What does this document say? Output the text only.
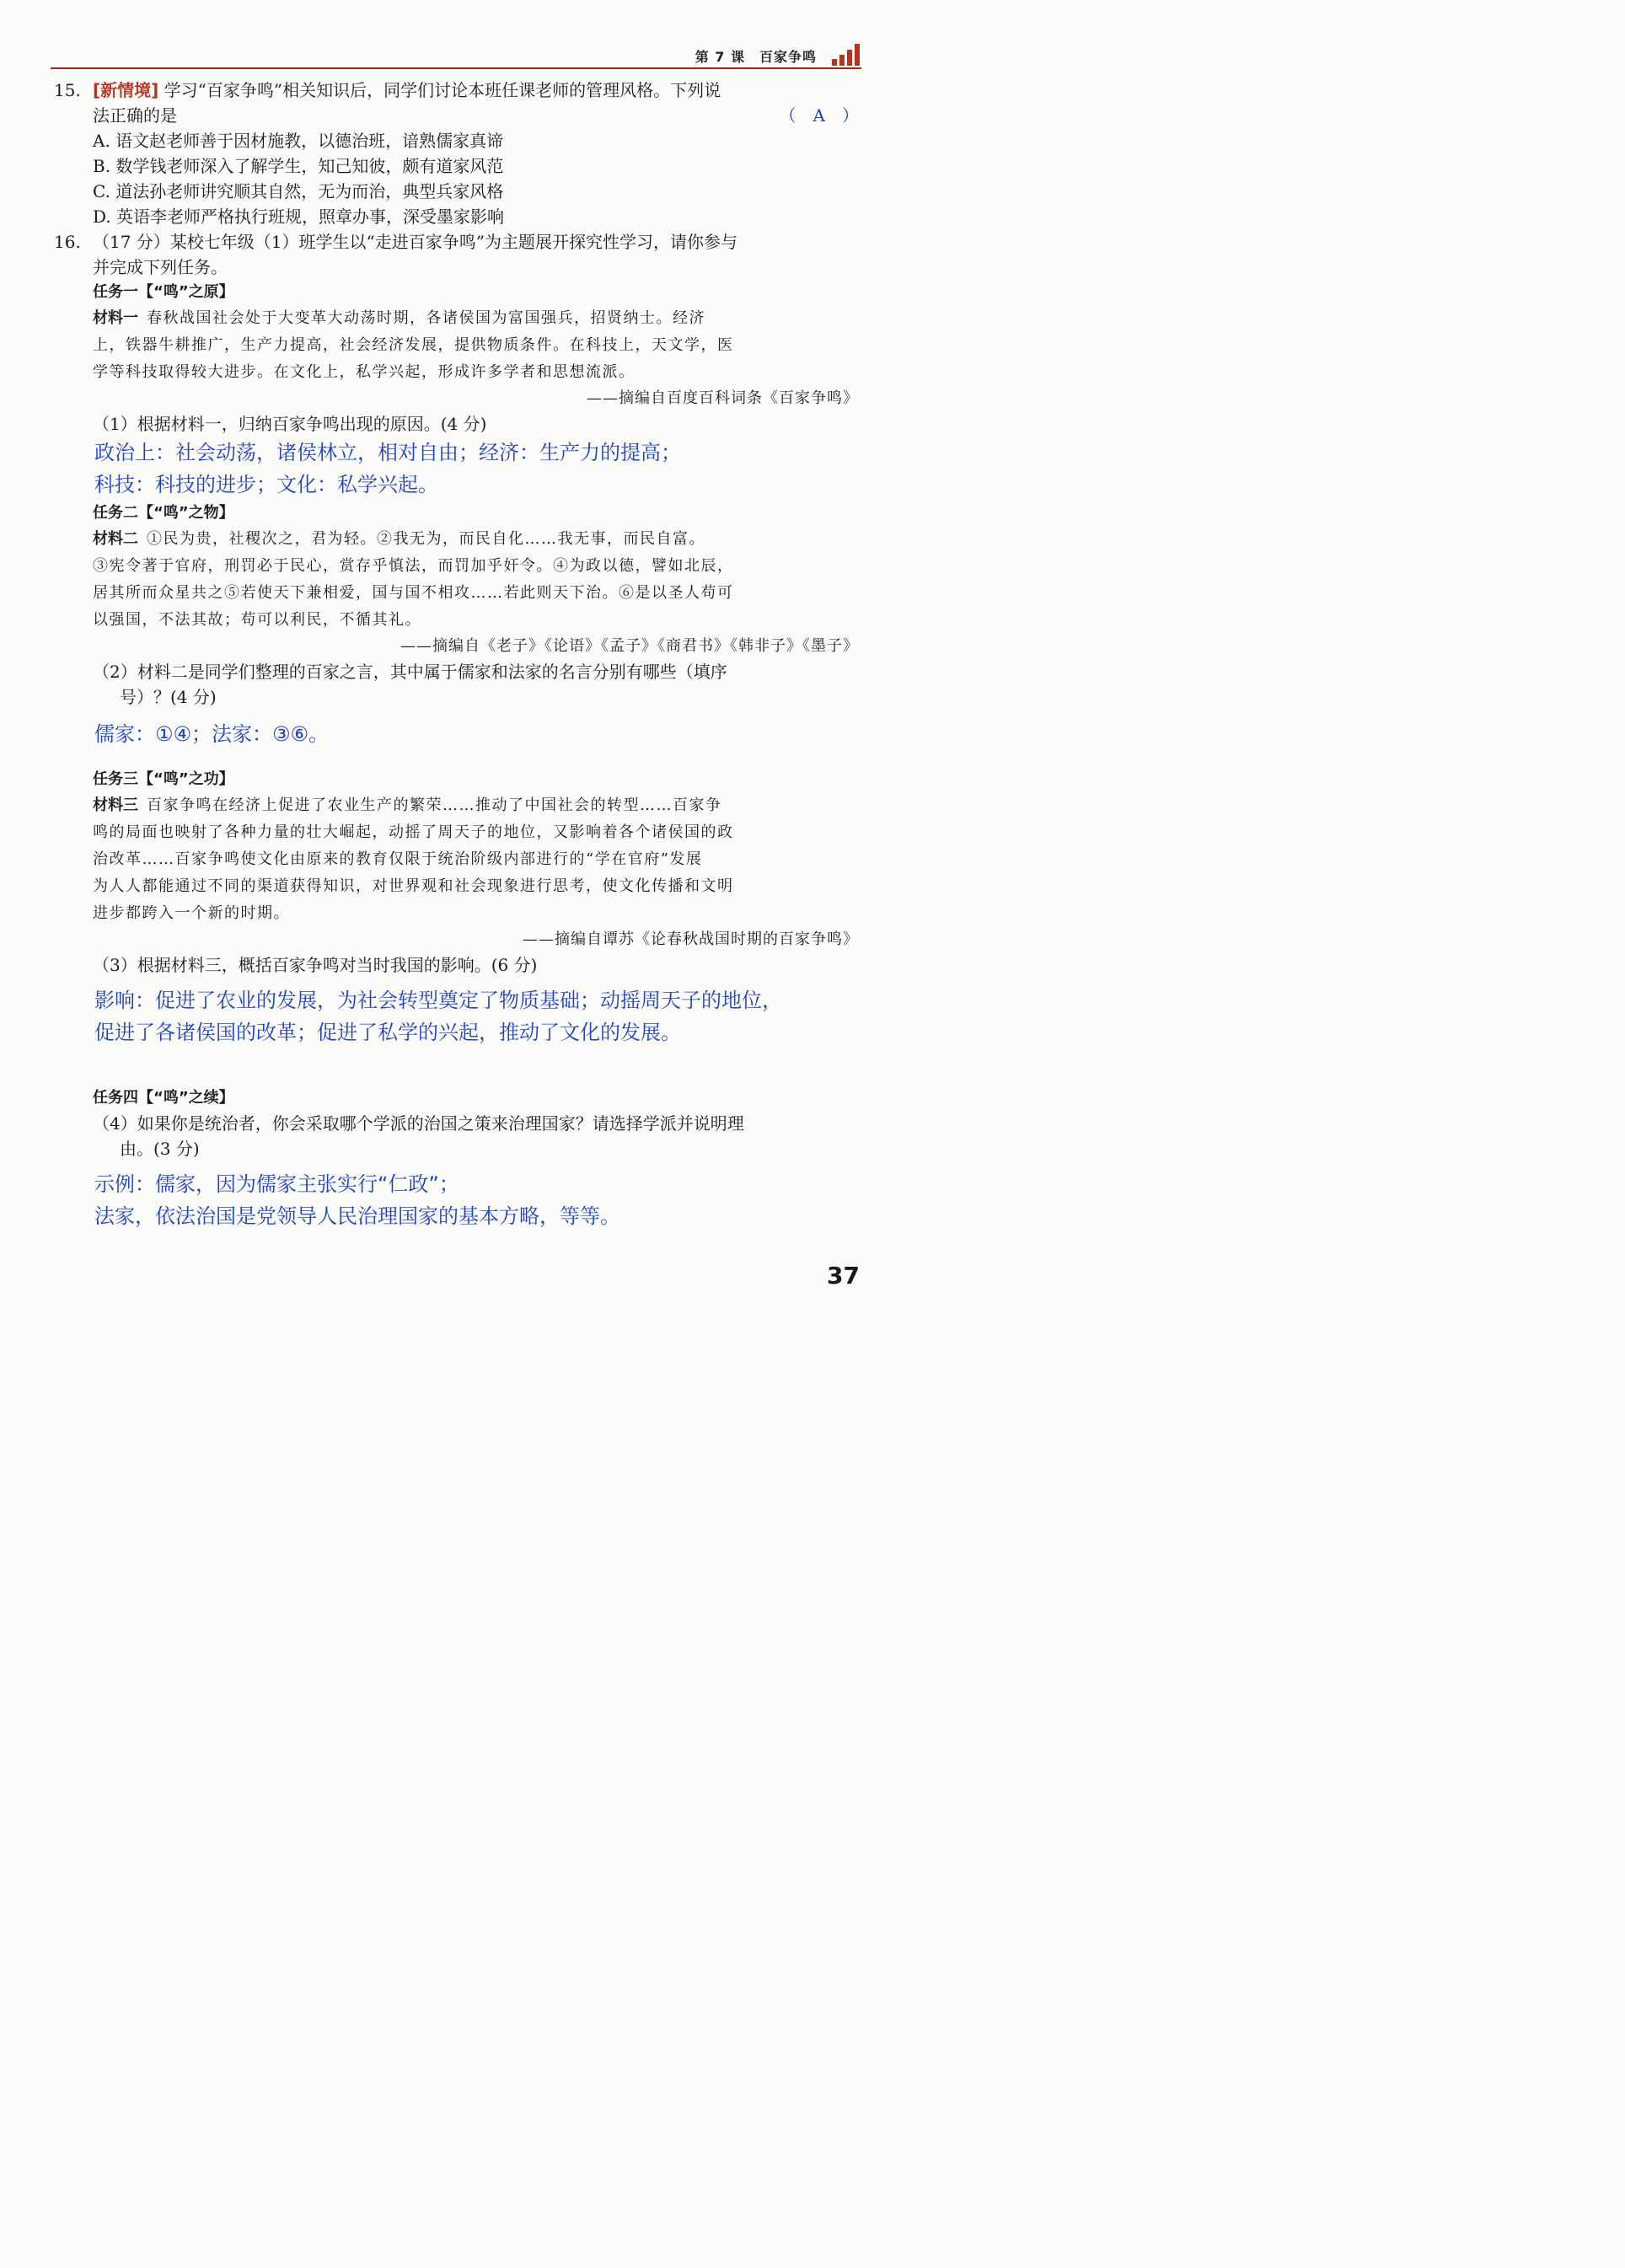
第 7 课　百家争鸣
15. [新情境] 学习“百家争鸣”相关知识后，同学们讨论本班任课老师的管理风格。下列说
法正确的是	（　A　）
A. 语文赵老师善于因材施教，以德治班，谙熟儒家真谛
B. 数学钱老师深入了解学生，知己知彼，颇有道家风范
C. 道法孙老师讲究顺其自然，无为而治，典型兵家风格
D. 英语李老师严格执行班规，照章办事，深受墨家影响
16. （17 分）某校七年级（1）班学生以“走进百家争鸣”为主题展开探究性学习，请你参与
并完成下列任务。
任务一【“鸣”之原】
材料一 春秋战国社会处于大变革大动荡时期，各诸侯国为富国强兵，招贤纳士。经济
上，铁器牛耕推广，生产力提高，社会经济发展，提供物质条件。在科技上，天文学，医
学等科技取得较大进步。在文化上，私学兴起，形成许多学者和思想流派。
——摘编自百度百科词条《百家争鸣》
（1）根据材料一，归纳百家争鸣出现的原因。(4 分)
政治上：社会动荡，诸侯林立，相对自由；经济：生产力的提高；
科技：科技的进步；文化：私学兴起。
任务二【“鸣”之物】
材料二 ①民为贵，社稷次之，君为轻。②我无为，而民自化……我无事，而民自富。
③宪令著于官府，刑罚必于民心，赏存乎慎法，而罚加乎奸令。④为政以德，譬如北辰，
居其所而众星共之⑤若使天下兼相爱，国与国不相攻……若此则天下治。⑥是以圣人苟可
以强国，不法其故；苟可以利民，不循其礼。
——摘编自《老子》《论语》《孟子》《商君书》《韩非子》《墨子》
（2）材料二是同学们整理的百家之言，其中属于儒家和法家的名言分别有哪些（填序
号）？(4 分)
儒家：①④；法家：③⑥。
任务三【“鸣”之功】
材料三 百家争鸣在经济上促进了农业生产的繁荣……推动了中国社会的转型……百家争
鸣的局面也映射了各种力量的壮大崛起，动摇了周天子的地位，又影响着各个诸侯国的政
治改革……百家争鸣使文化由原来的教育仅限于统治阶级内部进行的“学在官府”发展
为人人都能通过不同的渠道获得知识，对世界观和社会现象进行思考，使文化传播和文明
进步都跨入一个新的时期。
——摘编自谭苏《论春秋战国时期的百家争鸣》
（3）根据材料三，概括百家争鸣对当时我国的影响。(6 分)
影响：促进了农业的发展，为社会转型奠定了物质基础；动摇周天子的地位，
促进了各诸侯国的改革；促进了私学的兴起，推动了文化的发展。
任务四【“鸣”之续】
（4）如果你是统治者，你会采取哪个学派的治国之策来治理国家？请选择学派并说明理
由。(3 分)
示例：儒家，因为儒家主张实行“仁政”；
法家，依法治国是党领导人民治理国家的基本方略，等等。
37
